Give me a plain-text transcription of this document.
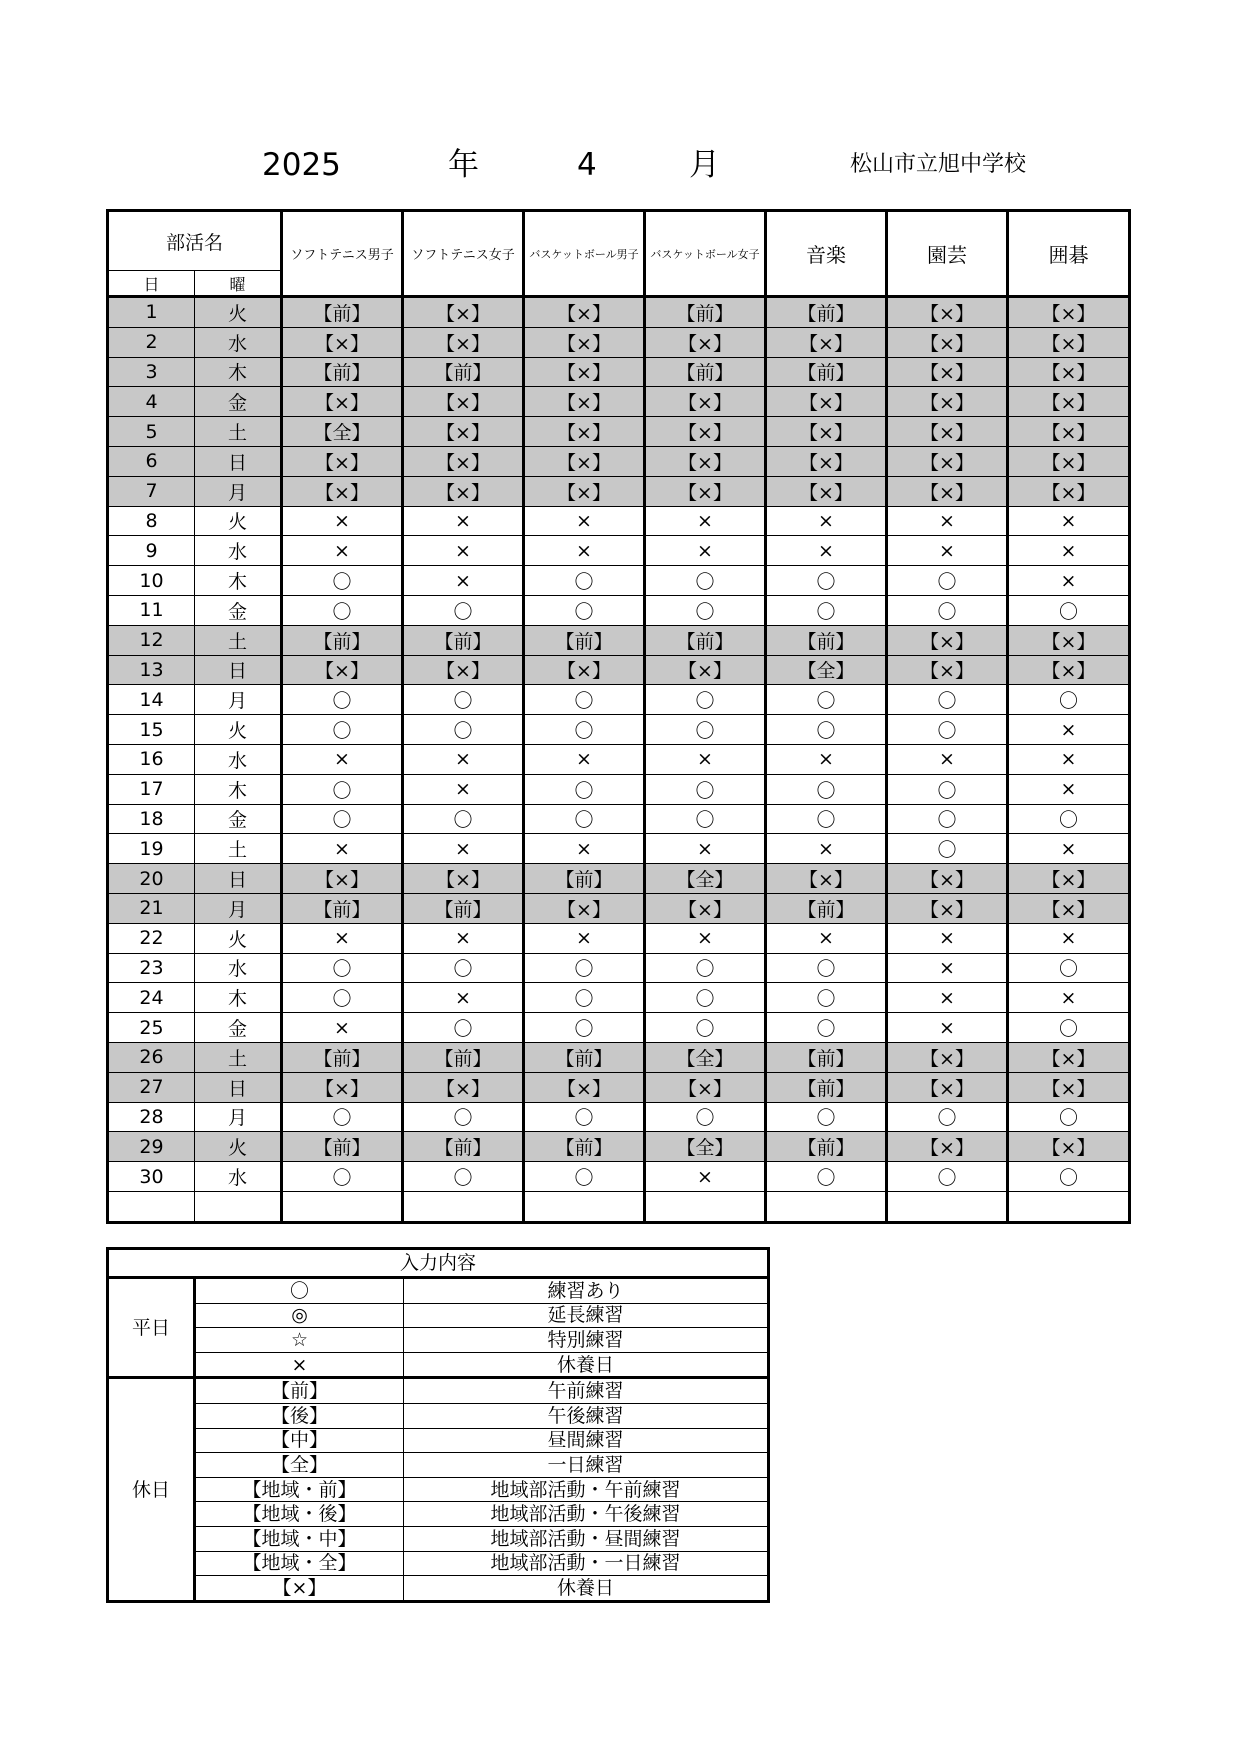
2025	年	4	月	松山市立旭中学校
部活名		ソフトテニス男子	ソフトテニス女子	バスケットボール男子	バスケットボール女子	音楽	園芸	囲碁
日	曜							
1	火	【前】	【×】	【×】	【前】	【前】	【×】	【×】
2	水	【×】	【×】	【×】	【×】	【×】	【×】	【×】
3	木	【前】	【前】	【×】	【前】	【前】	【×】	【×】
4	金	【×】	【×】	【×】	【×】	【×】	【×】	【×】
5	土	【全】	【×】	【×】	【×】	【×】	【×】	【×】
6	日	【×】	【×】	【×】	【×】	【×】	【×】	【×】
7	月	【×】	【×】	【×】	【×】	【×】	【×】	【×】
8	火	×	×	×	×	×	×	×
9	水	×	×	×	×	×	×	×
10	木	〇	×	〇	〇	〇	〇	×
11	金	〇	〇	〇	〇	〇	〇	〇
12	土	【前】	【前】	【前】	【前】	【前】	【×】	【×】
13	日	【×】	【×】	【×】	【×】	【全】	【×】	【×】
14	月	〇	〇	〇	〇	〇	〇	〇
15	火	〇	〇	〇	〇	〇	〇	×
16	水	×	×	×	×	×	×	×
17	木	〇	×	〇	〇	〇	〇	×
18	金	〇	〇	〇	〇	〇	〇	〇
19	土	×	×	×	×	×	〇	×
20	日	【×】	【×】	【前】	【全】	【×】	【×】	【×】
21	月	【前】	【前】	【×】	【×】	【前】	【×】	【×】
22	火	×	×	×	×	×	×	×
23	水	〇	〇	〇	〇	〇	×	〇
24	木	〇	×	〇	〇	〇	×	×
25	金	×	〇	〇	〇	〇	×	〇
26	土	【前】	【前】	【前】	【全】	【前】	【×】	【×】
27	日	【×】	【×】	【×】	【×】	【前】	【×】	【×】
28	月	〇	〇	〇	〇	〇	〇	〇
29	火	【前】	【前】	【前】	【全】	【前】	【×】	【×】
30	水	〇	〇	〇	×	〇	〇	〇

入力内容		
平日	〇	練習あり
	◎	延長練習
	☆	特別練習
	×	休養日
休日	【前】	午前練習
	【後】	午後練習
	【中】	昼間練習
	【全】	一日練習
	【地域・前】	地域部活動・午前練習
	【地域・後】	地域部活動・午後練習
	【地域・中】	地域部活動・昼間練習
	【地域・全】	地域部活動・一日練習
	【×】	休養日
